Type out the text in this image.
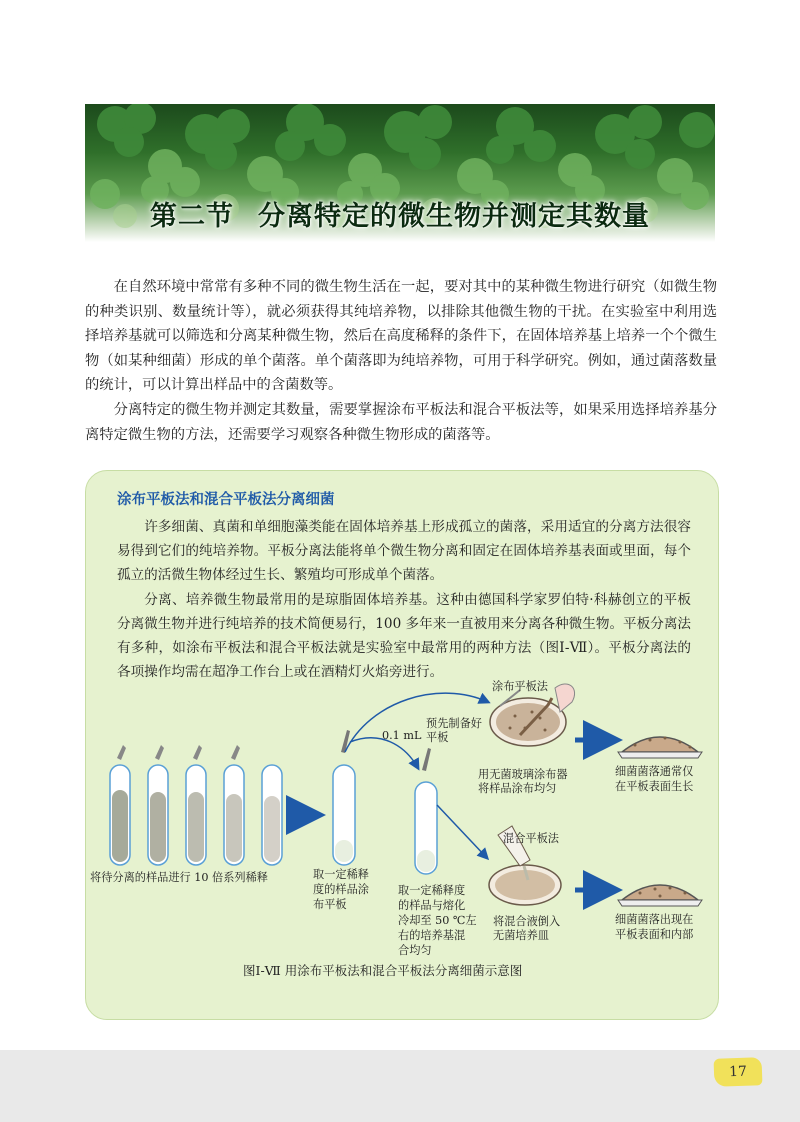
第二节 分离特定的微生物并测定其数量

在自然环境中常常有多种不同的微生物生活在一起，要对其中的某种微生物进行研究（如微生物的种类识别、数量统计等），就必须获得其纯培养物，以排除其他微生物的干扰。在实验室中利用选择培养基就可以筛选和分离某种微生物，然后在高度稀释的条件下，在固体培养基上培养一个个微生物（如某种细菌）形成的单个菌落。单个菌落即为纯培养物，可用于科学研究。例如，通过菌落数量的统计，可以计算出样品中的含菌数等。

分离特定的微生物并测定其数量，需要掌握涂布平板法和混合平板法等，如果采用选择培养基分离特定微生物的方法，还需要学习观察各种微生物形成的菌落等。

涂布平板法和混合平板法分离细菌

许多细菌、真菌和单细胞藻类能在固体培养基上形成孤立的菌落，采用适宜的分离方法很容易得到它们的纯培养物。平板分离法能将单个微生物分离和固定在固体培养基表面或里面，每个孤立的活微生物体经过生长、繁殖均可形成单个菌落。

分离、培养微生物最常用的是琼脂固体培养基。这种由德国科学家罗伯特·科赫创立的平板分离微生物并进行纯培养的技术简便易行，100 多年来一直被用来分离各种微生物。平板分离法有多种，如涂布平板法和混合平板法就是实验室中最常用的两种方法（图Ⅰ-Ⅶ）。平板分离法的各项操作均需在超净工作台上或在酒精灯火焰旁进行。

将待分离的样品进行 10 倍系列稀释	取一定稀释
度的样品涂
布平板
取一定稀释度
的样品与熔化
冷却至 50 ℃左
右的培养基混
合均匀
0.1 mL
预先制备好
平板
涂布平板法
用无菌玻璃涂布器
将样品涂布均匀
细菌菌落通常仅
在平板表面生长
混合平板法
将混合液倒入
无菌培养皿
细菌菌落出现在
平板表面和内部
图Ⅰ-Ⅶ 用涂布平板法和混合平板法分离细菌示意图
17
